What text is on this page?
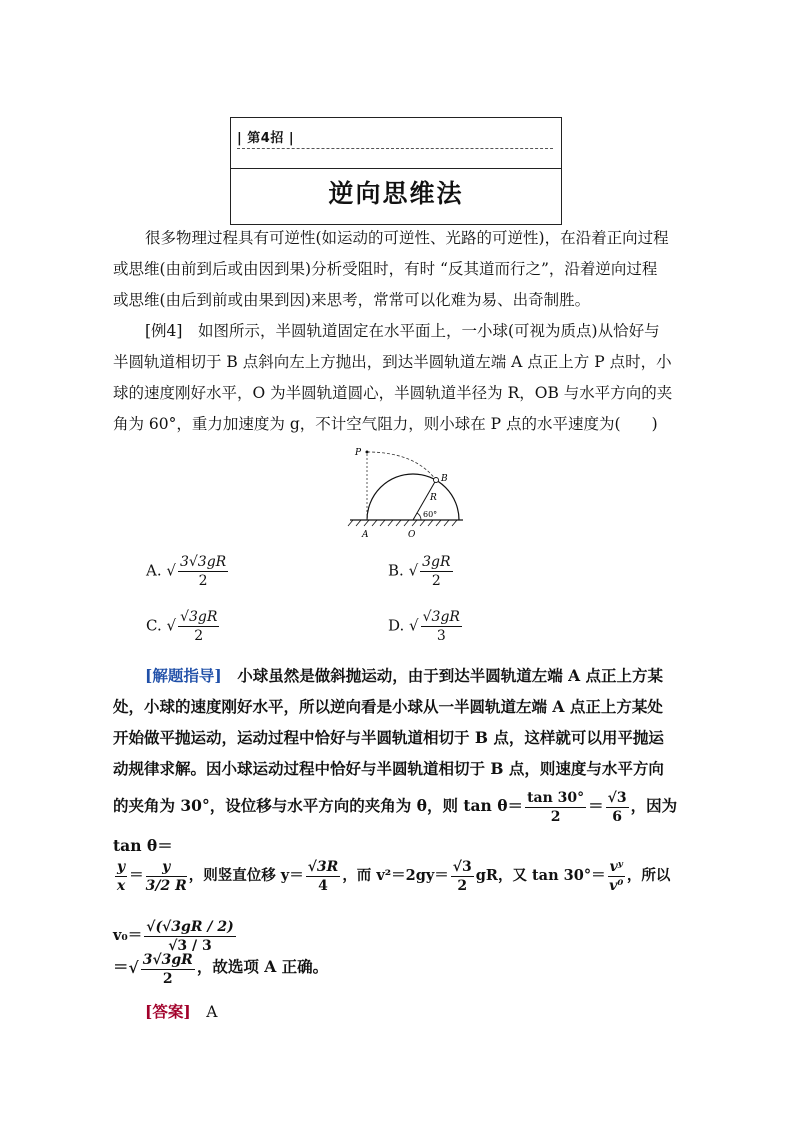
| 第4招 |
逆向思维法

很多物理过程具有可逆性(如运动的可逆性、光路的可逆性)，在沿着正向过程

或思维(由前到后或由因到果)分析受阻时，有时 “反其道而行之”，沿着逆向过程

或思维(由后到前或由果到因)来思考，常常可以化难为易、出奇制胜。

[例4]　 如图所示，半圆轨道固定在水平面上，一小球(可视为质点)从恰好与

半圆轨道相切于 B 点斜向左上方抛出，到达半圆轨道左端 A 点正上方 P 点时，小

球的速度刚好水平，O 为半圆轨道圆心，半圆轨道半径为 R，OB 与水平方向的夹

角为 60°，重力加速度为 g，不计空气阻力，则小球在 P 点的水平速度为(　　)

P
B
R
60°
A	O
A. √ $\frac{3√3gR}{2}$	B. √ $\frac{3gR}{2}$
C. √ $\frac{√3gR}{2}$	D. √ $\frac{√3gR}{3}$

[解题指导]　 小球虽然是做斜抛运动，由于到达半圆轨道左端 A 点正上方某

处，小球的速度刚好水平，所以逆向看是小球从一半圆轨道左端 A 点正上方某处

开始做平抛运动，运动过程中恰好与半圆轨道相切于 B 点，这样就可以用平抛运

动规律求解。因小球运动过程中恰好与半圆轨道相切于 B 点，则速度与水平方向

的夹角为 30°，设位移与水平方向的夹角为 θ，则 $\tan \theta= \frac{\tan 30^\circ}{2} = \frac{√3}{6}$ ，因为 tan θ＝
$\frac{y}{x} = \frac{y}{3/2 R}$ ，则竖直位移 $y= \frac{√3R}{4}$ ，而 $v^2=2gy= \frac{√3}{2}$ gR，又 $\tan 30^\circ= \frac{\text{vʸ}}{\text{v⁰}}$ ，所以 $v_0= \frac{√(√3gR / 2)}{√3 / 3}$
＝√ $\frac{3√3gR}{2}$ ，故选项 A 正确。

[答案]　 A
